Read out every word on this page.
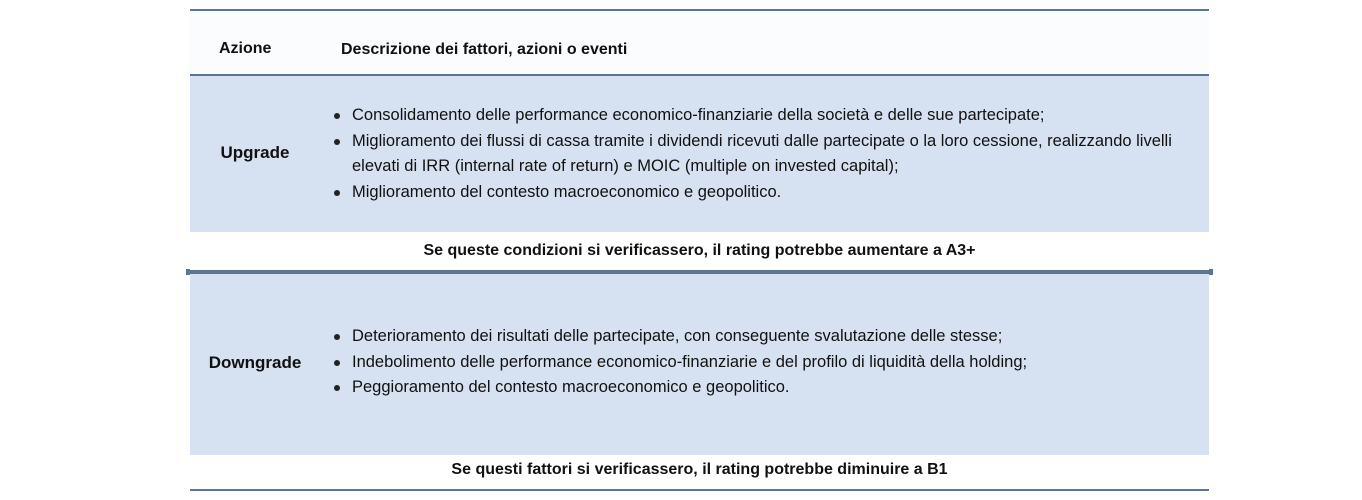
Azione	Descrizione dei fattori, azioni o eventi
Upgrade
Consolidamento delle performance economico-finanziarie della società e delle sue partecipate;
Miglioramento dei flussi di cassa tramite i dividendi ricevuti dalle partecipate o la loro cessione, realizzando livelli elevati di IRR (internal rate of return) e MOIC (multiple on invested capital);
Miglioramento del contesto macroeconomico e geopolitico.
Se queste condizioni si verificassero, il rating potrebbe aumentare a A3+
Downgrade
Deterioramento dei risultati delle partecipate, con conseguente svalutazione delle stesse;
Indebolimento delle performance economico-finanziarie e del profilo di liquidità della holding;
Peggioramento del contesto macroeconomico e geopolitico.
Se questi fattori si verificassero, il rating potrebbe diminuire a B1
